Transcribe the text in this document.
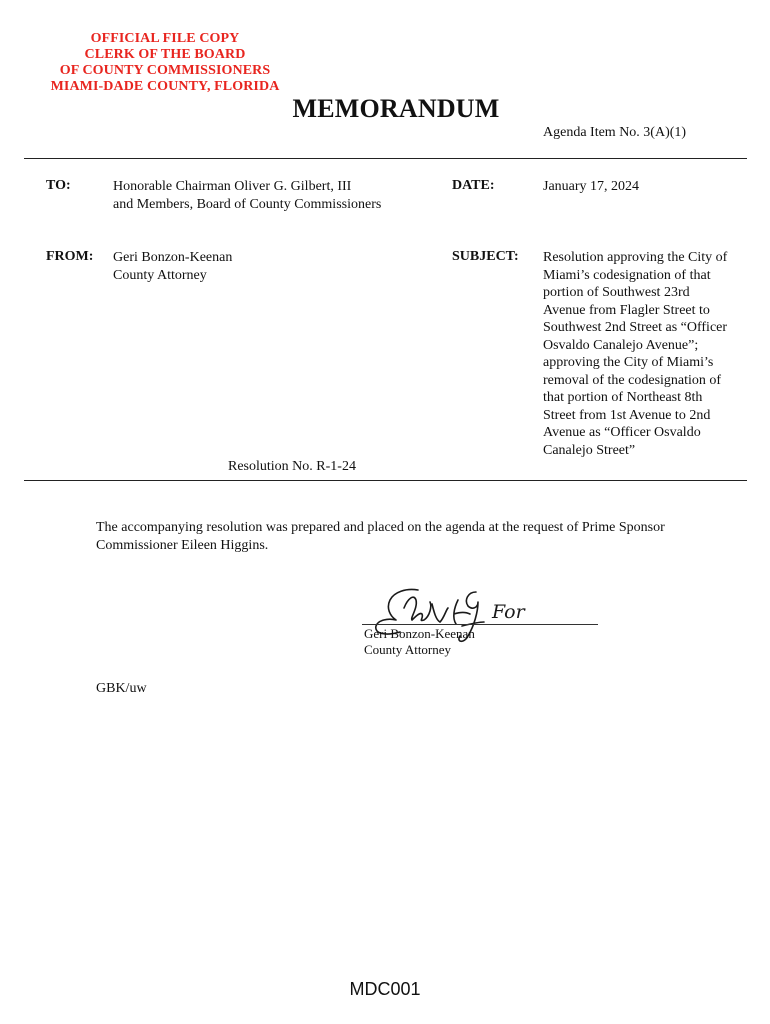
OFFICIAL FILE COPY
CLERK OF THE BOARD
OF COUNTY COMMISSIONERS
MIAMI-DADE COUNTY, FLORIDA
MEMORANDUM
Agenda Item No. 3(A)(1)
TO:	Honorable Chairman Oliver G. Gilbert, III
and Members, Board of County Commissioners
DATE:	January 17, 2024
FROM: Geri Bonzon-Keenan
County Attorney
SUBJECT: Resolution approving the City of
Miami’s codesignation of that
portion of Southwest 23rd
Avenue from Flagler Street to
Southwest 2nd Street as “Officer
Osvaldo Canalejo Avenue”;
approving the City of Miami’s
removal of the codesignation of
that portion of Northeast 8th
Street from 1st Avenue to 2nd
Avenue as “Officer Osvaldo
Canalejo Street”
Resolution No. R-1-24
The accompanying resolution was prepared and placed on the agenda at the request of Prime Sponsor
Commissioner Eileen Higgins.
For
Geri Bonzon-Keenan
County Attorney
GBK/uw
MDC001
